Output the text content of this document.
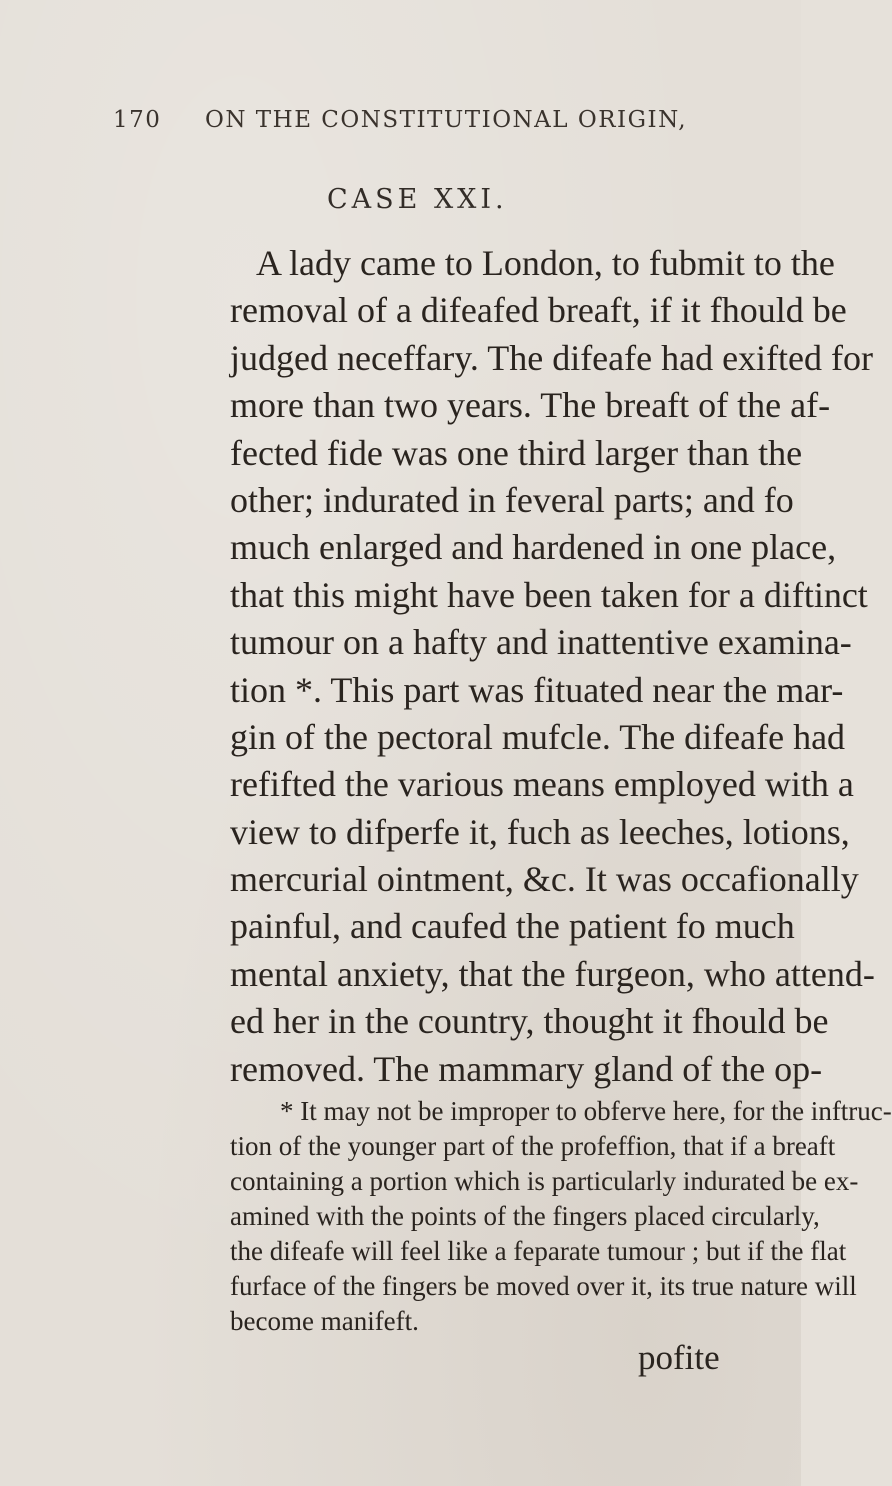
170 ON THE CONSTITUTIONAL ORIGIN,
CASE XXI.
A lady came to London, to fubmit to the
removal of a difeafed breaft, if it fhould be
judged neceffary. The difeafe had exifted for
more than two years. The breaft of the af-
fected fide was one third larger than the
other; indurated in feveral parts; and fo
much enlarged and hardened in one place,
that this might have been taken for a diftinct
tumour on a hafty and inattentive examina-
tion *. This part was fituated near the mar-
gin of the pectoral mufcle. The difeafe had
refifted the various means employed with a
view to difperfe it, fuch as leeches, lotions,
mercurial ointment, &c. It was occafionally
painful, and caufed the patient fo much
mental anxiety, that the furgeon, who attend-
ed her in the country, thought it fhould be
removed. The mammary gland of the op-
* It may not be improper to obferve here, for the inftruc-
tion of the younger part of the profeffion, that if a breaft
containing a portion which is particularly indurated be ex-
amined with the points of the fingers placed circularly,
the difeafe will feel like a feparate tumour ; but if the flat
furface of the fingers be moved over it, its true nature will
become manifeft.
pofite
